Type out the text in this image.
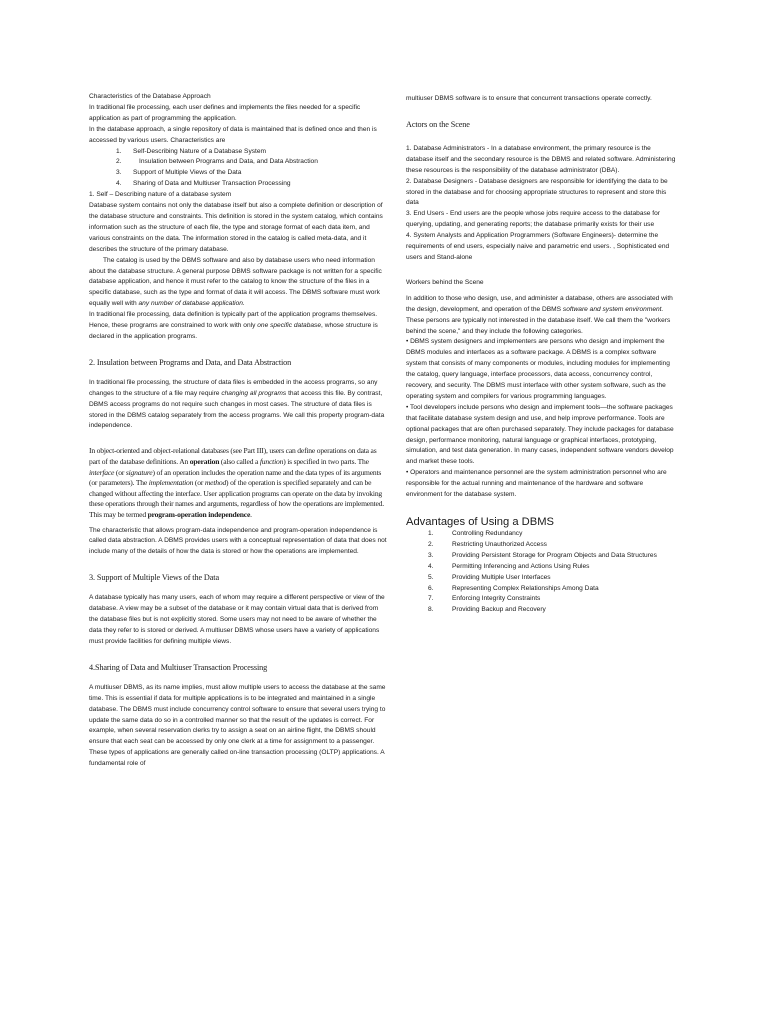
Characteristics of the Database Approach

In traditional file processing, each user defines and implements the files needed for a specific application as part of programming the application.

In the database approach, a single repository of data is maintained that is defined once and then is accessed by various users. Characteristics are

1. Self-Describing Nature of a Database System
2.	Insulation between Programs and Data, and Data Abstraction
3. Support of Multiple Views of the Data
4. Sharing of Data and Multiuser Transaction Processing

1. Self – Describing nature of a database system

Database system contains not only the database itself but also a complete definition or description of the database structure and constraints. This definition is stored in the system catalog, which contains information such as the structure of each file, the type and storage format of each data item, and various constraints on the data. The information stored in the catalog is called meta-data, and it describes the structure of the primary database.

The catalog is used by the DBMS software and also by database users who need information about the database structure. A general purpose DBMS software package is not written for a specific database application, and hence it must refer to the catalog to know the structure of the files in a specific database, such as the type and format of data it will access. The DBMS software must work equally well with any number of database application.

In traditional file processing, data definition is typically part of the application programs themselves. Hence, these programs are constrained to work with only one specific database, whose structure is declared in the application programs.

2. Insulation between Programs and Data, and Data Abstraction

In traditional file processing, the structure of data files is embedded in the access programs, so any changes to the structure of a file may require changing all programs that access this file. By contrast, DBMS access programs do not require such changes in most cases. The structure of data files is stored in the DBMS catalog separately from the access programs. We call this property program-data independence.

In object-oriented and object-relational databases (see Part III), users can define operations on data as part of the database definitions. An operation (also called a function) is specified in two parts. The interface (or signature) of an operation includes the operation name and the data types of its arguments (or parameters). The implementation (or method) of the operation is specified separately and can be changed without affecting the interface. User application programs can operate on the data by invoking these operations through their names and arguments, regardless of how the operations are implemented. This may be termed program-operation independence.

The characteristic that allows program-data independence and program-operation independence is called data abstraction. A DBMS provides users with a conceptual representation of data that does not include many of the details of how the data is stored or how the operations are implemented.

3. Support of Multiple Views of the Data

A database typically has many users, each of whom may require a different perspective or view of the database. A view may be a subset of the database or it may contain virtual data that is derived from the database files but is not explicitly stored. Some users may not need to be aware of whether the data they refer to is stored or derived. A multiuser DBMS whose users have a variety of applications must provide facilities for defining multiple views.

4.Sharing of Data and Multiuser Transaction Processing

A multiuser DBMS, as its name implies, must allow multiple users to access the database at the same time. This is essential if data for multiple applications is to be integrated and maintained in a single database. The DBMS must include concurrency control software to ensure that several users trying to update the same data do so in a controlled manner so that the result of the updates is correct. For example, when several reservation clerks try to assign a seat on an airline flight, the DBMS should ensure that each seat can be accessed by only one clerk at a time for assignment to a passenger. These types of applications are generally called on-line transaction processing (OLTP) applications. A fundamental role of

multiuser DBMS software is to ensure that concurrent transactions operate correctly.

Actors on the Scene

1. Database Administrators - In a database environment, the primary resource is the database itself and the secondary resource is the DBMS and related software. Administering these resources is the responsibility of the database administrator (DBA).

2. Database Designers - Database designers are responsible for identifying the data to be stored in the database and for choosing appropriate structures to represent and store this data

3. End Users - End users are the people whose jobs require access to the database for querying, updating, and generating reports; the database primarily exists for their use

4. System Analysts and Application Programmers (Software Engineers)- determine the requirements of end users, especially naive and parametric end users. , Sophisticated end users and Stand-alone

Workers behind the Scene

In addition to those who design, use, and administer a database, others are associated with the design, development, and operation of the DBMS software and system environment. These persons are typically not interested in the database itself. We call them the "workers behind the scene," and they include the following categories.

• DBMS system designers and implementers are persons who design and implement the DBMS modules and interfaces as a software package. A DBMS is a complex software system that consists of many components or modules, including modules for implementing the catalog, query language, interface processors, data access, concurrency control, recovery, and security. The DBMS must interface with other system software, such as the operating system and compilers for various programming languages.

• Tool developers include persons who design and implement tools—the software packages that facilitate database system design and use, and help improve performance. Tools are optional packages that are often purchased separately. They include packages for database design, performance monitoring, natural language or graphical interfaces, prototyping, simulation, and test data generation. In many cases, independent software vendors develop and market these tools.

• Operators and maintenance personnel are the system administration personnel who are responsible for the actual running and maintenance of the hardware and software environment for the database system.

Advantages of Using a DBMS

1.	Controlling Redundancy
2.	Restricting Unauthorized Access
3.	Providing Persistent Storage for Program Objects and Data Structures
4.	Permitting Inferencing and Actions Using Rules
5.	Providing Multiple User Interfaces
6.	Representing Complex Relationships Among Data
7.	Enforcing Integrity Constraints
8.	Providing Backup and Recovery
